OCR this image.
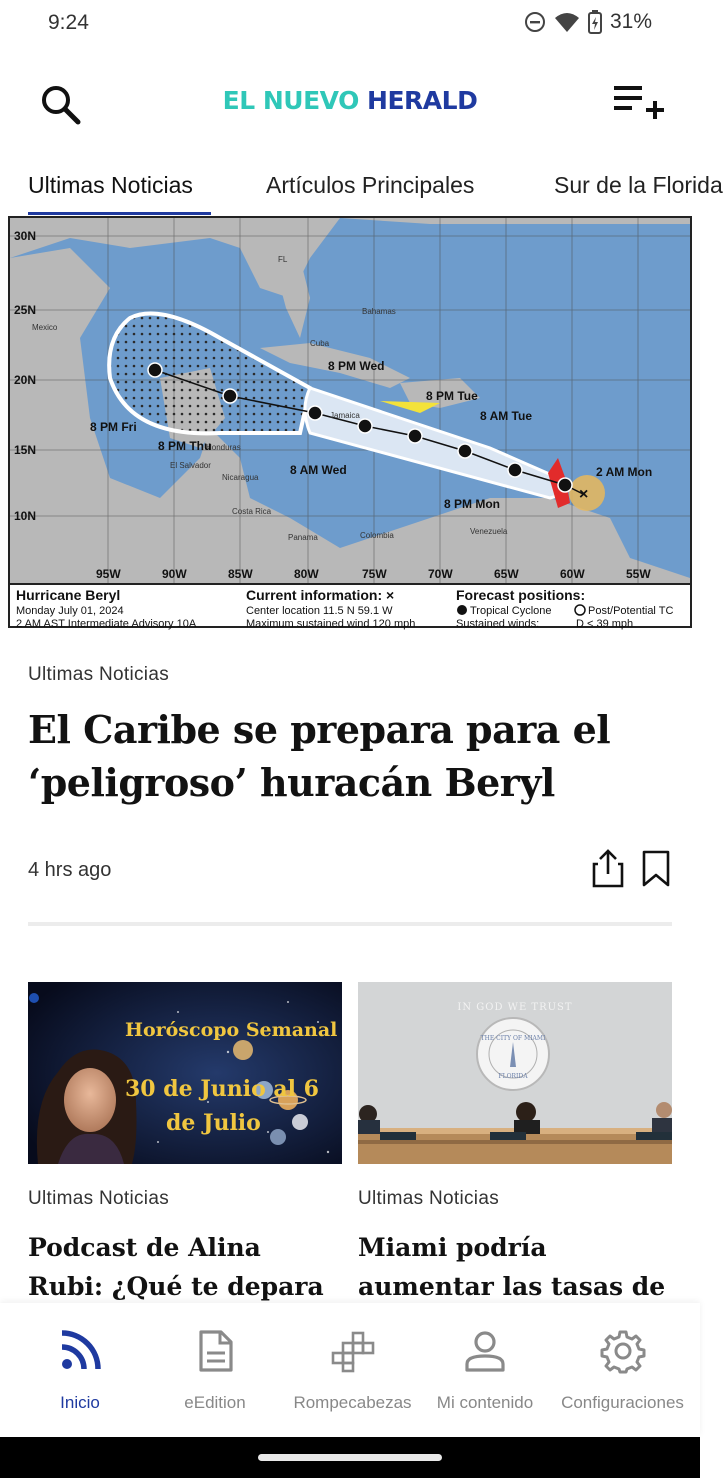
9:24	31%
EL NUEVO HERALD
Ultimas Noticias	Artículos Principales	Sur de la Florida
×
30N
25N
20N
15N
10N
95W	90W	85W	80W	75W	70W	65W	60W	55W
Mexico
Bahamas
Cuba
Jamaica
Honduras
Nicaragua
Costa Rica
Panama	Colombia	Venezuela
El Salvador
FL
8 PM Wed
8 PM Tue
8 AM Tue
2 AM Mon
8 PM Fri
8 PM Thu
8 AM Wed
8 PM Mon
Hurricane Beryl
Monday July 01, 2024
2 AM AST Intermediate Advisory 10A
Current information: ×
Center location 11.5 N 59.1 W
Maximum sustained wind 120 mph
Forecast positions:
Tropical Cyclone	Post/Potential TC
Sustained winds:	D < 39 mph
Ultimas Noticias
El Caribe se prepara para el ‘peligroso’ huracán Beryl
4 hrs ago
Horóscopo Semanal
30 de Junio al 6
de Julio
Ultimas Noticias
Podcast de Alina Rubi: ¿Qué te depara
IN GOD WE TRUST
THE CITY OF MIAMI
FLORIDA
Ultimas Noticias
Miami podría aumentar las tasas de
Inicio	eEdition	Rompecabezas	Mi contenido	Configuraciones
